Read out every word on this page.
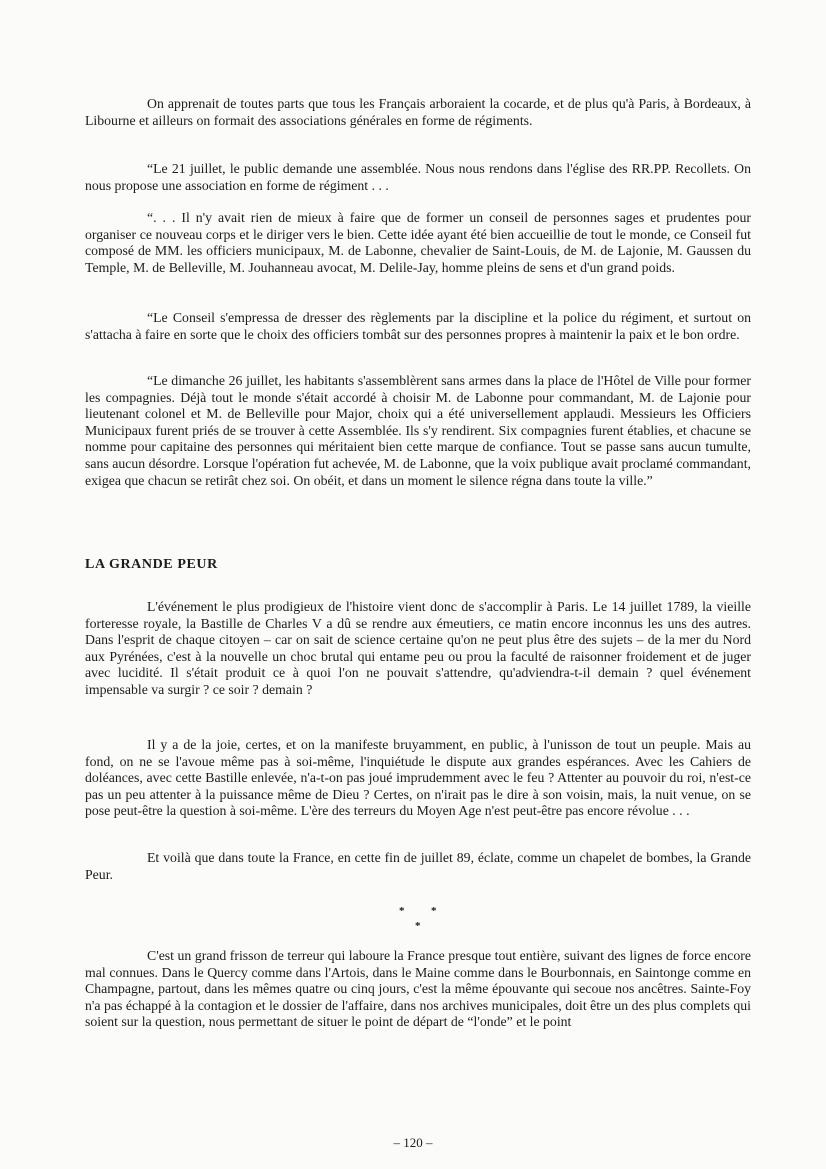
On apprenait de toutes parts que tous les Français arboraient la cocarde, et de plus qu'à Paris, à Bordeaux, à Libourne et ailleurs on formait des associations générales en forme de régiments.

“Le 21 juillet, le public demande une assemblée. Nous nous rendons dans l'église des RR.PP. Recollets. On nous propose une association en forme de régiment . . .

“. . . Il n'y avait rien de mieux à faire que de former un conseil de personnes sages et prudentes pour organiser ce nouveau corps et le diriger vers le bien. Cette idée ayant été bien accueillie de tout le monde, ce Conseil fut composé de MM. les officiers municipaux, M. de Labonne, chevalier de Saint-Louis, de M. de Lajonie, M. Gaussen du Temple, M. de Belleville, M. Jouhanneau avocat, M. Delile-Jay, homme pleins de sens et d'un grand poids.

“Le Conseil s'empressa de dresser des règlements par la discipline et la police du régiment, et surtout on s'attacha à faire en sorte que le choix des officiers tombât sur des personnes propres à maintenir la paix et le bon ordre.

“Le dimanche 26 juillet, les habitants s'assemblèrent sans armes dans la place de l'Hôtel de Ville pour former les compagnies. Déjà tout le monde s'était accordé à choisir M. de Labonne pour commandant, M. de Lajonie pour lieutenant colonel et M. de Belleville pour Major, choix qui a été universellement applaudi. Messieurs les Officiers Municipaux furent priés de se trouver à cette Assemblée. Ils s'y rendirent. Six compagnies furent établies, et chacune se nomme pour capitaine des personnes qui méritaient bien cette marque de confiance. Tout se passe sans aucun tumulte, sans aucun désordre. Lorsque l'opération fut achevée, M. de Labonne, que la voix publique avait proclamé commandant, exigea que chacun se retirât chez soi. On obéit, et dans un moment le silence régna dans toute la ville.”

LA GRANDE PEUR

L'événement le plus prodigieux de l'histoire vient donc de s'accomplir à Paris. Le 14 juillet 1789, la vieille forteresse royale, la Bastille de Charles V a dû se rendre aux émeutiers, ce matin encore inconnus les uns des autres. Dans l'esprit de chaque citoyen – car on sait de science certaine qu'on ne peut plus être des sujets – de la mer du Nord aux Pyrénées, c'est à la nouvelle un choc brutal qui entame peu ou prou la faculté de raisonner froidement et de juger avec lucidité. Il s'était produit ce à quoi l'on ne pouvait s'attendre, qu'adviendra-t-il demain ? quel événement impensable va surgir ? ce soir ? demain ?

Il y a de la joie, certes, et on la manifeste bruyamment, en public, à l'unisson de tout un peuple. Mais au fond, on ne se l'avoue même pas à soi-même, l'inquiétude le dispute aux grandes espérances. Avec les Cahiers de doléances, avec cette Bastille enlevée, n'a-t-on pas joué imprudemment avec le feu ? Attenter au pouvoir du roi, n'est-ce pas un peu attenter à la puissance même de Dieu ? Certes, on n'irait pas le dire à son voisin, mais, la nuit venue, on se pose peut-être la question à soi-même. L'ère des terreurs du Moyen Age n'est peut-être pas encore révolue . . .

Et voilà que dans toute la France, en cette fin de juillet 89, éclate, comme un chapelet de bombes, la Grande Peur.

* *
*

C'est un grand frisson de terreur qui laboure la France presque tout entière, suivant des lignes de force encore mal connues. Dans le Quercy comme dans l'Artois, dans le Maine comme dans le Bourbonnais, en Saintonge comme en Champagne, partout, dans les mêmes quatre ou cinq jours, c'est la même épouvante qui secoue nos ancêtres. Sainte-Foy n'a pas échappé à la contagion et le dossier de l'affaire, dans nos archives municipales, doit être un des plus complets qui soient sur la question, nous permettant de situer le point de départ de “l'onde” et le point

– 120 –
